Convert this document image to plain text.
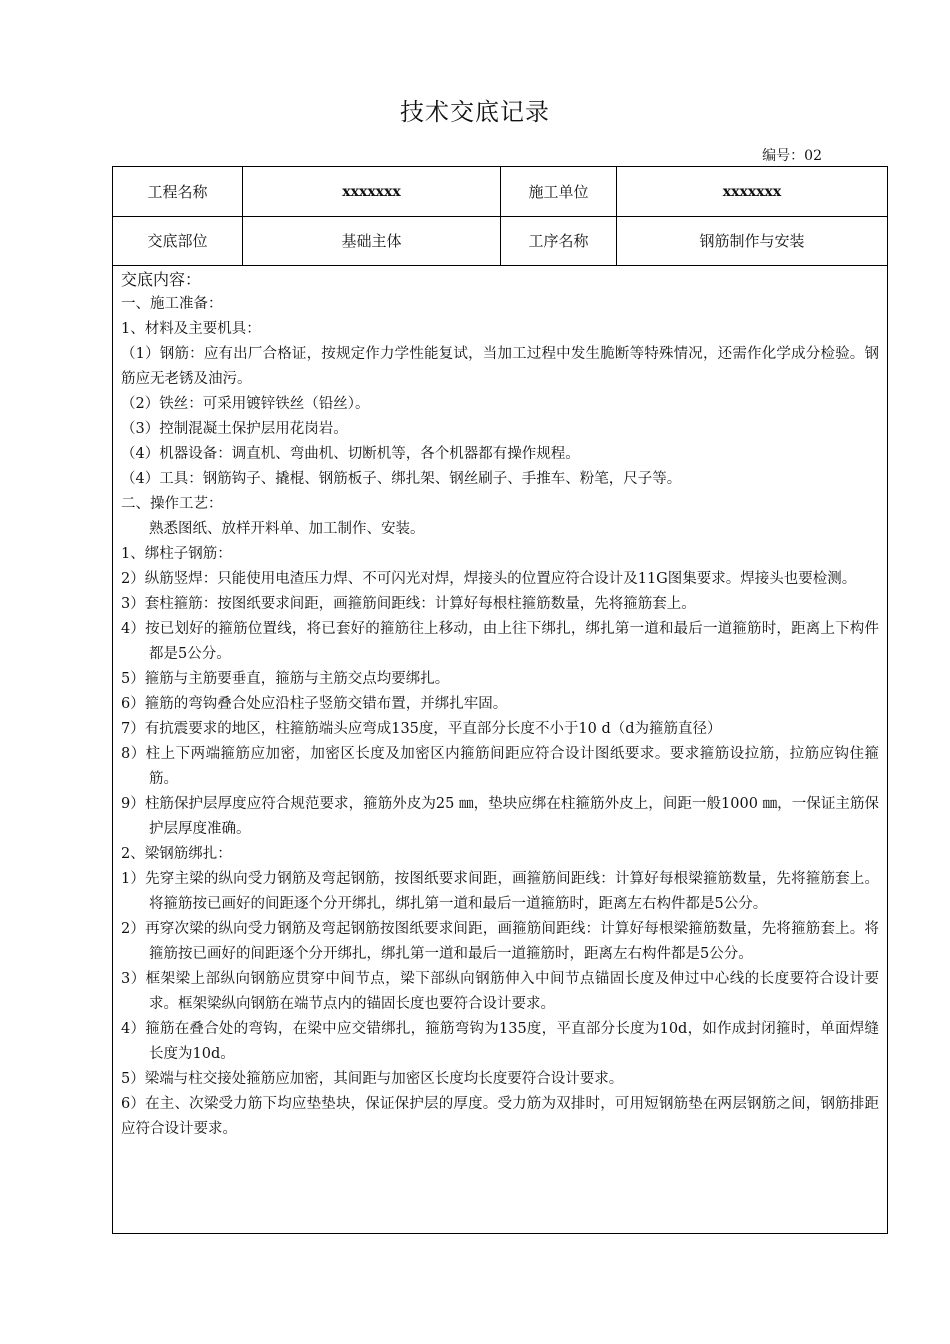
技术交底记录
编号：02
工程名称	xxxxxxx	施工单位	xxxxxxx
交底部位	基础主体	工序名称	钢筋制作与安装
交底内容：

一、施工准备：

1、材料及主要机具：

（1）钢筋：应有出厂合格证，按规定作力学性能复试，当加工过程中发生脆断等特殊情况，还需作化学成分检验。钢筋应无老锈及油污。

（2）铁丝：可采用镀锌铁丝（铅丝）。

（3）控制混凝土保护层用花岗岩。

（4）机器设备：调直机、弯曲机、切断机等，各个机器都有操作规程。

（4）工具：钢筋钩子、撬棍、钢筋板子、绑扎架、钢丝刷子、手推车、粉笔，尺子等。

二、操作工艺：

熟悉图纸、放样开料单、加工制作、安装。

1、绑柱子钢筋：

2）纵筋竖焊：只能使用电渣压力焊、不可闪光对焊，焊接头的位置应符合设计及11G图集要求。焊接头也要检测。

3）套柱箍筋：按图纸要求间距，画箍筋间距线：计算好每根柱箍筋数量，先将箍筋套上。

4）按已划好的箍筋位置线，将已套好的箍筋往上移动，由上往下绑扎，绑扎第一道和最后一道箍筋时，距离上下构件都是5公分。

5）箍筋与主筋要垂直，箍筋与主筋交点均要绑扎。

6）箍筋的弯钩叠合处应沿柱子竖筋交错布置，并绑扎牢固。

7）有抗震要求的地区，柱箍筋端头应弯成135度，平直部分长度不小于10 d（d为箍筋直径）

8）柱上下两端箍筋应加密，加密区长度及加密区内箍筋间距应符合设计图纸要求。要求箍筋设拉筋，拉筋应钩住箍筋。

9）柱筋保护层厚度应符合规范要求，箍筋外皮为25 ㎜，垫块应绑在柱箍筋外皮上，间距一般1000 ㎜，一保证主筋保护层厚度准确。

2、梁钢筋绑扎：

1）先穿主梁的纵向受力钢筋及弯起钢筋，按图纸要求间距，画箍筋间距线：计算好每根梁箍筋数量，先将箍筋套上。将箍筋按已画好的间距逐个分开绑扎，绑扎第一道和最后一道箍筋时，距离左右构件都是5公分。

2）再穿次梁的纵向受力钢筋及弯起钢筋按图纸要求间距，画箍筋间距线：计算好每根梁箍筋数量，先将箍筋套上。将箍筋按已画好的间距逐个分开绑扎，绑扎第一道和最后一道箍筋时，距离左右构件都是5公分。

3）框架梁上部纵向钢筋应贯穿中间节点，梁下部纵向钢筋伸入中间节点锚固长度及伸过中心线的长度要符合设计要求。框架梁纵向钢筋在端节点内的锚固长度也要符合设计要求。

4）箍筋在叠合处的弯钩，在梁中应交错绑扎，箍筋弯钩为135度，平直部分长度为10d，如作成封闭箍时，单面焊缝长度为10d。

5）梁端与柱交接处箍筋应加密，其间距与加密区长度均长度要符合设计要求。

6）在主、次梁受力筋下均应垫垫块，保证保护层的厚度。受力筋为双排时，可用短钢筋垫在两层钢筋之间，钢筋排距应符合设计要求。
